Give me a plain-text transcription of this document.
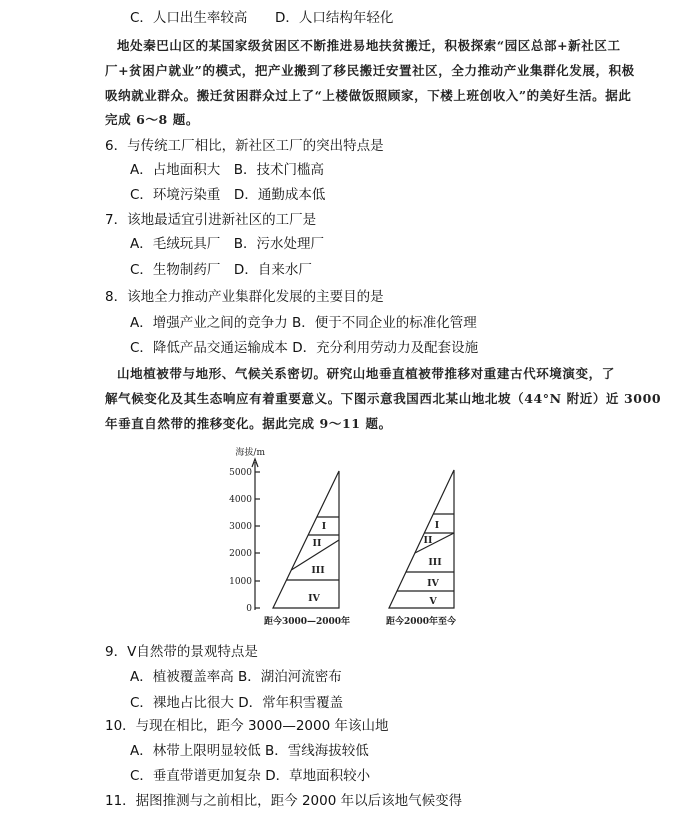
C．人口出生率较高 D．人口结构年轻化
地处秦巴山区的某国家级贫困区不断推进易地扶贫搬迁，积极探索“园区总部+新社区工
厂+贫困户就业”的模式，把产业搬到了移民搬迁安置社区，全力推动产业集群化发展，积极
吸纳就业群众。搬迁贫困群众过上了“上楼做饭照顾家，下楼上班创收入”的美好生活。据此
完成 6～8 题。
6．与传统工厂相比，新社区工厂的突出特点是
A．占地面积大　B．技术门槛高
C．环境污染重　D．通勤成本低
7．该地最适宜引进新社区的工厂是
A．毛绒玩具厂　B．污水处理厂
C．生物制药厂　D．自来水厂
8．该地全力推动产业集群化发展的主要目的是
A．增强产业之间的竞争力 B．便于不同企业的标准化管理
C．降低产品交通运输成本 D．充分利用劳动力及配套设施
山地植被带与地形、气候关系密切。研究山地垂直植被带推移对重建古代环境演变，了
解气候变化及其生态响应有着重要意义。下图示意我国西北某山地北坡（44°N 附近）近 3000
年垂直自然带的推移变化。据此完成 9～11 题。
海拔/m
5000
4000
3000
2000
1000
0
I
II
III
IV
I
II
III
IV
V
距今3000—2000年	距今2000年至今
9．V自然带的景观特点是
A．植被覆盖率高 B．湖泊河流密布
C．裸地占比很大 D．常年积雪覆盖
10．与现在相比，距今 3000—2000 年该山地
A．林带上限明显较低 B．雪线海拔较低
C．垂直带谱更加复杂 D．草地面积较小
11．据图推测与之前相比，距今 2000 年以后该地气候变得
